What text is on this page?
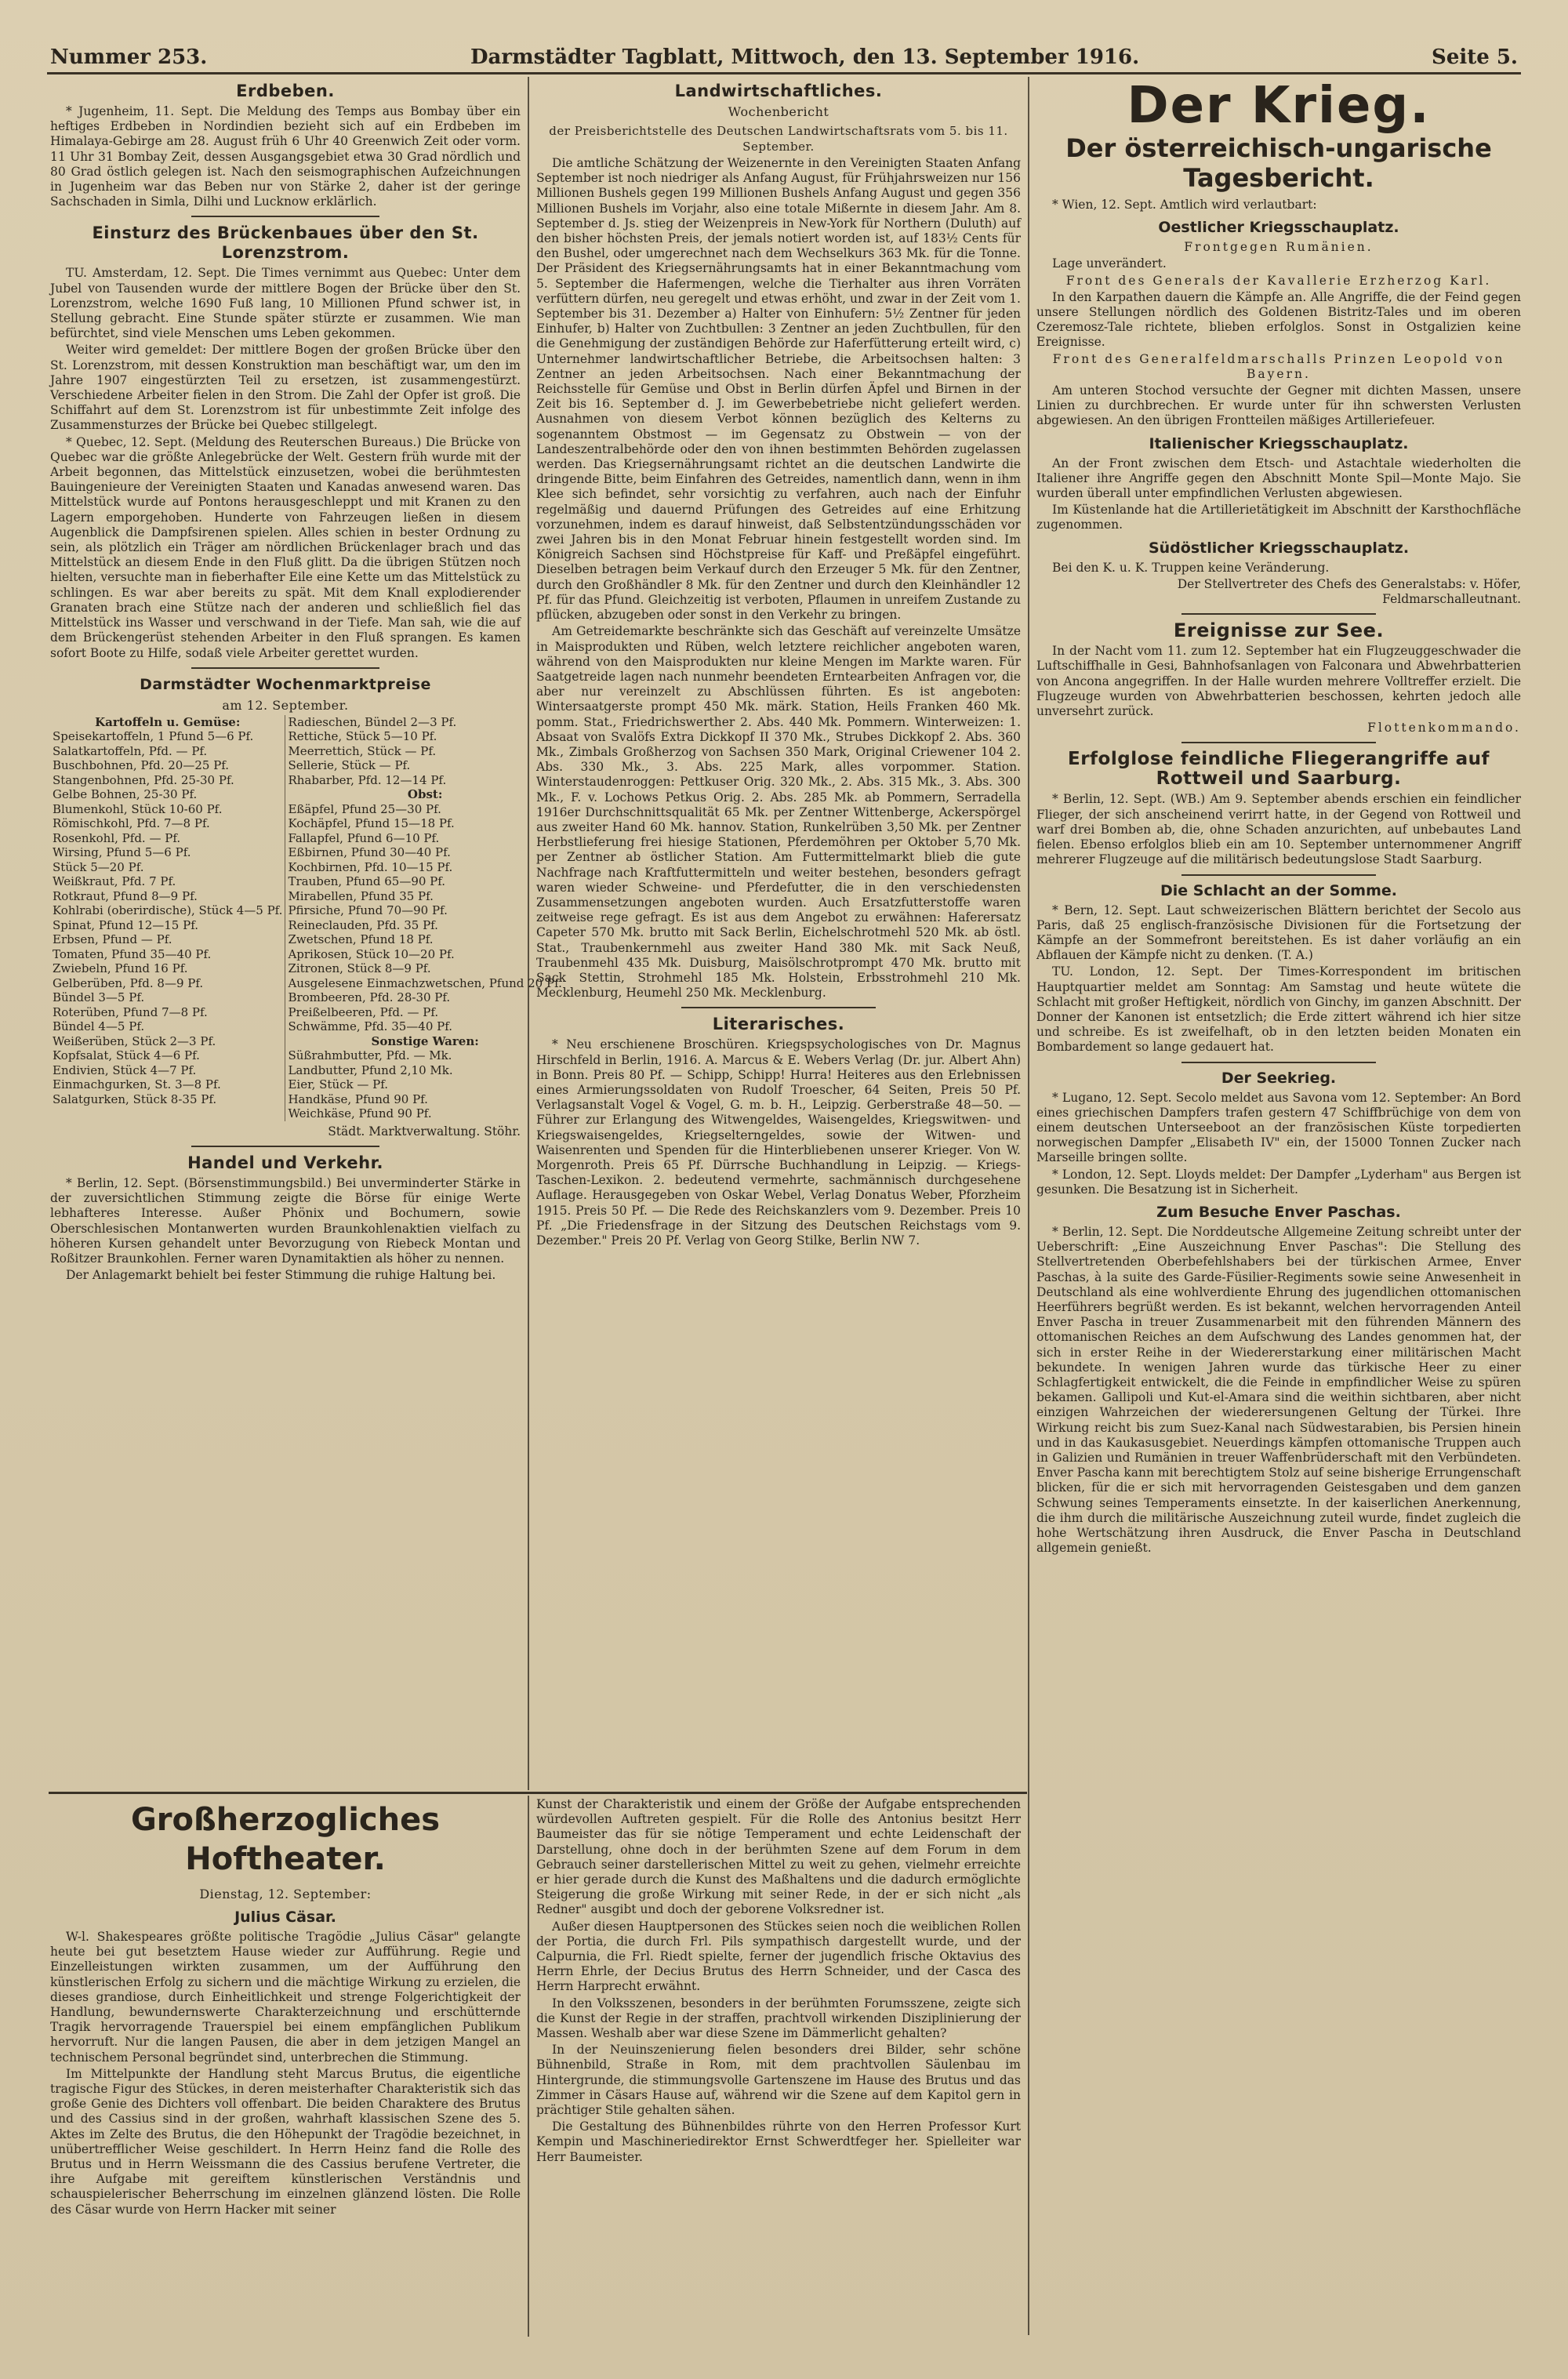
Nummer 253.	Darmstädter Tagblatt, Mittwoch, den 13. September 1916.	Seite 5.
Erdbeben.

* Jugenheim, 11. Sept. Die Meldung des Temps aus Bombay über ein heftiges Erdbeben in Nordindien bezieht sich auf ein Erdbeben im Himalaya-Gebirge am 28. August früh 6 Uhr 40 Greenwich Zeit oder vorm. 11 Uhr 31 Bombay Zeit, dessen Ausgangsgebiet etwa 30 Grad nördlich und 80 Grad östlich gelegen ist. Nach den seismographischen Aufzeichnungen in Jugenheim war das Beben nur von Stärke 2, daher ist der geringe Sachschaden in Simla, Dilhi und Lucknow erklärlich.

Einsturz des Brückenbaues über den St. Lorenzstrom.

TU. Amsterdam, 12. Sept. Die Times vernimmt aus Quebec: Unter dem Jubel von Tausenden wurde der mittlere Bogen der Brücke über den St. Lorenzstrom, welche 1690 Fuß lang, 10 Millionen Pfund schwer ist, in Stellung gebracht. Eine Stunde später stürzte er zusammen. Wie man befürchtet, sind viele Menschen ums Leben gekommen.

Weiter wird gemeldet: Der mittlere Bogen der großen Brücke über den St. Lorenzstrom, mit dessen Konstruktion man beschäftigt war, um den im Jahre 1907 eingestürzten Teil zu ersetzen, ist zusammengestürzt. Verschiedene Arbeiter fielen in den Strom. Die Zahl der Opfer ist groß. Die Schiffahrt auf dem St. Lorenzstrom ist für unbestimmte Zeit infolge des Zusammensturzes der Brücke bei Quebec stillgelegt.

* Quebec, 12. Sept. (Meldung des Reuterschen Bureaus.) Die Brücke von Quebec war die größte Anlegebrücke der Welt. Gestern früh wurde mit der Arbeit begonnen, das Mittelstück einzusetzen, wobei die berühmtesten Bauingenieure der Vereinigten Staaten und Kanadas anwesend waren. Das Mittelstück wurde auf Pontons herausgeschleppt und mit Kranen zu den Lagern emporgehoben. Hunderte von Fahrzeugen ließen in diesem Augenblick die Dampfsirenen spielen. Alles schien in bester Ordnung zu sein, als plötzlich ein Träger am nördlichen Brückenlager brach und das Mittelstück an diesem Ende in den Fluß glitt. Da die übrigen Stützen noch hielten, versuchte man in fieberhafter Eile eine Kette um das Mittelstück zu schlingen. Es war aber bereits zu spät. Mit dem Knall explodierender Granaten brach eine Stütze nach der anderen und schließlich fiel das Mittelstück ins Wasser und verschwand in der Tiefe. Man sah, wie die auf dem Brückengerüst stehenden Arbeiter in den Fluß sprangen. Es kamen sofort Boote zu Hilfe, sodaß viele Arbeiter gerettet wurden.

Darmstädter Wochenmarktpreise
am 12. September.
Kartoffeln u. Gemüse:
Speisekartoffeln, 1 Pfund 5—6 Pf.
Salatkartoffeln, Pfd. — Pf.
Buschbohnen, Pfd. 20—25 Pf.
Stangenbohnen, Pfd. 25-30 Pf.
Gelbe Bohnen, 25-30 Pf.
Blumenkohl, Stück 10-60 Pf.
Römischkohl, Pfd. 7—8 Pf.
Rosenkohl, Pfd. — Pf.
Wirsing, Pfund 5—6 Pf.
Stück 5—20 Pf.
Weißkraut, Pfd. 7 Pf.
Rotkraut, Pfund 8—9 Pf.
Kohlrabi (oberirdische), Stück 4—5 Pf.
Spinat, Pfund 12—15 Pf.
Erbsen, Pfund — Pf.
Tomaten, Pfund 35—40 Pf.
Zwiebeln, Pfund 16 Pf.
Gelberüben, Pfd. 8—9 Pf.
Bündel 3—5 Pf.
Roterüben, Pfund 7—8 Pf.
Bündel 4—5 Pf.
Weißerüben, Stück 2—3 Pf.
Kopfsalat, Stück 4—6 Pf.
Endivien, Stück 4—7 Pf.
Einmachgurken, St. 3—8 Pf.
Salatgurken, Stück 8-35 Pf.

Radieschen, Bündel 2—3 Pf.
Rettiche, Stück 5—10 Pf.
Meerrettich, Stück — Pf.
Sellerie, Stück — Pf.
Rhabarber, Pfd. 12—14 Pf.
Obst:
Eßäpfel, Pfund 25—30 Pf.
Kochäpfel, Pfund 15—18 Pf.
Fallapfel, Pfund 6—10 Pf.
Eßbirnen, Pfund 30—40 Pf.
Kochbirnen, Pfd. 10—15 Pf.
Trauben, Pfund 65—90 Pf.
Mirabellen, Pfund 35 Pf.
Pfirsiche, Pfund 70—90 Pf.
Reineclauden, Pfd. 35 Pf.
Zwetschen, Pfund 18 Pf.
Aprikosen, Stück 10—20 Pf.
Zitronen, Stück 8—9 Pf.
Ausgelesene Einmachzwetschen, Pfund 20 Pf.
Brombeeren, Pfd. 28-30 Pf.
Preißelbeeren, Pfd. — Pf.
Schwämme, Pfd. 35—40 Pf.
Sonstige Waren:
Süßrahmbutter, Pfd. — Mk.
Landbutter, Pfund 2,10 Mk.
Eier, Stück — Pf.
Handkäse, Pfund 90 Pf.
Weichkäse, Pfund 90 Pf.

Städt. Marktverwaltung. Stöhr.

Handel und Verkehr.

* Berlin, 12. Sept. (Börsenstimmungsbild.) Bei unverminderter Stärke in der zuversichtlichen Stimmung zeigte die Börse für einige Werte lebhafteres Interesse. Außer Phönix und Bochumern, sowie Oberschlesischen Montanwerten wurden Braunkohlenaktien vielfach zu höheren Kursen gehandelt unter Bevorzugung von Riebeck Montan und Roßitzer Braunkohlen. Ferner waren Dynamitaktien als höher zu nennen.

Der Anlagemarkt behielt bei fester Stimmung die ruhige Haltung bei.

Landwirtschaftliches.
Wochenbericht
der Preisberichtstelle des Deutschen Landwirtschaftsrats vom 5. bis 11. September.

Die amtliche Schätzung der Weizenernte in den Vereinigten Staaten Anfang September ist noch niedriger als Anfang August, für Frühjahrsweizen nur 156 Millionen Bushels gegen 199 Millionen Bushels Anfang August und gegen 356 Millionen Bushels im Vorjahr, also eine totale Mißernte in diesem Jahr. Am 8. September d. Js. stieg der Weizenpreis in New-York für Northern (Duluth) auf den bisher höchsten Preis, der jemals notiert worden ist, auf 183½ Cents für den Bushel, oder umgerechnet nach dem Wechselkurs 363 Mk. für die Tonne. Der Präsident des Kriegsernährungsamts hat in einer Bekanntmachung vom 5. September die Hafermengen, welche die Tierhalter aus ihren Vorräten verfüttern dürfen, neu geregelt und etwas erhöht, und zwar in der Zeit vom 1. September bis 31. Dezember a) Halter von Einhufern: 5½ Zentner für jeden Einhufer, b) Halter von Zuchtbullen: 3 Zentner an jeden Zuchtbullen, für den die Genehmigung der zuständigen Behörde zur Haferfütterung erteilt wird, c) Unternehmer landwirtschaftlicher Betriebe, die Arbeitsochsen halten: 3 Zentner an jeden Arbeitsochsen. Nach einer Bekanntmachung der Reichsstelle für Gemüse und Obst in Berlin dürfen Äpfel und Birnen in der Zeit bis 16. September d. J. im Gewerbebetriebe nicht geliefert werden. Ausnahmen von diesem Verbot können bezüglich des Kelterns zu sogenanntem Obstmost — im Gegensatz zu Obstwein — von der Landeszentralbehörde oder den von ihnen bestimmten Behörden zugelassen werden. Das Kriegsernährungsamt richtet an die deutschen Landwirte die dringende Bitte, beim Einfahren des Getreides, namentlich dann, wenn in ihm Klee sich befindet, sehr vorsichtig zu verfahren, auch nach der Einfuhr regelmäßig und dauernd Prüfungen des Getreides auf eine Erhitzung vorzunehmen, indem es darauf hinweist, daß Selbstentzündungsschäden vor zwei Jahren bis in den Monat Februar hinein festgestellt worden sind. Im Königreich Sachsen sind Höchstpreise für Kaff- und Preßäpfel eingeführt. Dieselben betragen beim Verkauf durch den Erzeuger 5 Mk. für den Zentner, durch den Großhändler 8 Mk. für den Zentner und durch den Kleinhändler 12 Pf. für das Pfund. Gleichzeitig ist verboten, Pflaumen in unreifem Zustande zu pflücken, abzugeben oder sonst in den Verkehr zu bringen.

Am Getreidemarkte beschränkte sich das Geschäft auf vereinzelte Umsätze in Maisprodukten und Rüben, welch letztere reichlicher angeboten waren, während von den Maisprodukten nur kleine Mengen im Markte waren. Für Saatgetreide lagen nach nunmehr beendeten Erntearbeiten Anfragen vor, die aber nur vereinzelt zu Abschlüssen führten. Es ist angeboten: Wintersaatgerste prompt 450 Mk. märk. Station, Heils Franken 460 Mk. pomm. Stat., Friedrichswerther 2. Abs. 440 Mk. Pommern. Winterweizen: 1. Absaat von Svalöfs Extra Dickkopf II 370 Mk., Strubes Dickkopf 2. Abs. 360 Mk., Zimbals Großherzog von Sachsen 350 Mark, Original Criewener 104 2. Abs. 330 Mk., 3. Abs. 225 Mark, alles vorpommer. Station. Winterstaudenroggen: Pettkuser Orig. 320 Mk., 2. Abs. 315 Mk., 3. Abs. 300 Mk., F. v. Lochows Petkus Orig. 2. Abs. 285 Mk. ab Pommern, Serradella 1916er Durchschnittsqualität 65 Mk. per Zentner Wittenberge, Ackerspörgel aus zweiter Hand 60 Mk. hannov. Station, Runkelrüben 3,50 Mk. per Zentner Herbstlieferung frei hiesige Stationen, Pferdemöhren per Oktober 5,70 Mk. per Zentner ab östlicher Station. Am Futtermittelmarkt blieb die gute Nachfrage nach Kraftfuttermitteln und weiter bestehen, besonders gefragt waren wieder Schweine- und Pferdefutter, die in den verschiedensten Zusammensetzungen angeboten wurden. Auch Ersatzfutterstoffe waren zeitweise rege gefragt. Es ist aus dem Angebot zu erwähnen: Haferersatz Capeter 570 Mk. brutto mit Sack Berlin, Eichelschrotmehl 520 Mk. ab östl. Stat., Traubenkernmehl aus zweiter Hand 380 Mk. mit Sack Neuß, Traubenmehl 435 Mk. Duisburg, Maisölschrotprompt 470 Mk. brutto mit Sack Stettin, Strohmehl 185 Mk. Holstein, Erbsstrohmehl 210 Mk. Mecklenburg, Heumehl 250 Mk. Mecklenburg.

Literarisches.

* Neu erschienene Broschüren. Kriegspsychologisches von Dr. Magnus Hirschfeld in Berlin, 1916. A. Marcus & E. Webers Verlag (Dr. jur. Albert Ahn) in Bonn. Preis 80 Pf. — Schipp, Schipp! Hurra! Heiteres aus den Erlebnissen eines Armierungssoldaten von Rudolf Troescher, 64 Seiten, Preis 50 Pf. Verlagsanstalt Vogel & Vogel, G. m. b. H., Leipzig. Gerberstraße 48—50. — Führer zur Erlangung des Witwengeldes, Waisengeldes, Kriegswitwen- und Kriegswaisengeldes, Kriegselterngeldes, sowie der Witwen- und Waisenrenten und Spenden für die Hinterbliebenen unserer Krieger. Von W. Morgenroth. Preis 65 Pf. Dürrsche Buchhandlung in Leipzig. — Kriegs-Taschen-Lexikon. 2. bedeutend vermehrte, sachmännisch durchgesehene Auflage. Herausgegeben von Oskar Webel, Verlag Donatus Weber, Pforzheim 1915. Preis 50 Pf. — Die Rede des Reichskanzlers vom 9. Dezember. Preis 10 Pf. „Die Friedensfrage in der Sitzung des Deutschen Reichstags vom 9. Dezember." Preis 20 Pf. Verlag von Georg Stilke, Berlin NW 7.

Der Krieg.
Der österreichisch-ungarische Tagesbericht.

* Wien, 12. Sept. Amtlich wird verlautbart:

Oestlicher Kriegsschauplatz.

Frontgegen Rumänien.

Lage unverändert.

Front des Generals der Kavallerie Erzherzog Karl.

In den Karpathen dauern die Kämpfe an. Alle Angriffe, die der Feind gegen unsere Stellungen nördlich des Goldenen Bistritz-Tales und im oberen Czeremosz-Tale richtete, blieben erfolglos. Sonst in Ostgalizien keine Ereignisse.

Front des Generalfeldmarschalls Prinzen Leopold von Bayern.

Am unteren Stochod versuchte der Gegner mit dichten Massen, unsere Linien zu durchbrechen. Er wurde unter für ihn schwersten Verlusten abgewiesen. An den übrigen Frontteilen mäßiges Artilleriefeuer.

Italienischer Kriegsschauplatz.

An der Front zwischen dem Etsch- und Astachtale wiederholten die Italiener ihre Angriffe gegen den Abschnitt Monte Spil—Monte Majo. Sie wurden überall unter empfindlichen Verlusten abgewiesen.

Im Küstenlande hat die Artillerietätigkeit im Abschnitt der Karsthochfläche zugenommen.

Südöstlicher Kriegsschauplatz.

Bei den K. u. K. Truppen keine Veränderung.

Der Stellvertreter des Chefs des Generalstabs: v. Höfer, Feldmarschalleutnant.

Ereignisse zur See.

In der Nacht vom 11. zum 12. September hat ein Flugzeuggeschwader die Luftschiffhalle in Gesi, Bahnhofsanlagen von Falconara und Abwehrbatterien von Ancona angegriffen. In der Halle wurden mehrere Volltreffer erzielt. Die Flugzeuge wurden von Abwehrbatterien beschossen, kehrten jedoch alle unversehrt zurück.

Flottenkommando.

Erfolglose feindliche Fliegerangriffe auf Rottweil und Saarburg.

* Berlin, 12. Sept. (WB.) Am 9. September abends erschien ein feindlicher Flieger, der sich anscheinend verirrt hatte, in der Gegend von Rottweil und warf drei Bomben ab, die, ohne Schaden anzurichten, auf unbebautes Land fielen. Ebenso erfolglos blieb ein am 10. September unternommener Angriff mehrerer Flugzeuge auf die militärisch bedeutungslose Stadt Saarburg.

Die Schlacht an der Somme.

* Bern, 12. Sept. Laut schweizerischen Blättern berichtet der Secolo aus Paris, daß 25 englisch-französische Divisionen für die Fortsetzung der Kämpfe an der Sommefront bereitstehen. Es ist daher vorläufig an ein Abflauen der Kämpfe nicht zu denken. (T. A.)

TU. London, 12. Sept. Der Times-Korrespondent im britischen Hauptquartier meldet am Sonntag: Am Samstag und heute wütete die Schlacht mit großer Heftigkeit, nördlich von Ginchy, im ganzen Abschnitt. Der Donner der Kanonen ist entsetzlich; die Erde zittert während ich hier sitze und schreibe. Es ist zweifelhaft, ob in den letzten beiden Monaten ein Bombardement so lange gedauert hat.

Der Seekrieg.

* Lugano, 12. Sept. Secolo meldet aus Savona vom 12. September: An Bord eines griechischen Dampfers trafen gestern 47 Schiffbrüchige von dem von einem deutschen Unterseeboot an der französischen Küste torpedierten norwegischen Dampfer „Elisabeth IV" ein, der 15000 Tonnen Zucker nach Marseille bringen sollte.

* London, 12. Sept. Lloyds meldet: Der Dampfer „Lyderham" aus Bergen ist gesunken. Die Besatzung ist in Sicherheit.

Zum Besuche Enver Paschas.

* Berlin, 12. Sept. Die Norddeutsche Allgemeine Zeitung schreibt unter der Ueberschrift: „Eine Auszeichnung Enver Paschas": Die Stellung des Stellvertretenden Oberbefehlshabers bei der türkischen Armee, Enver Paschas, à la suite des Garde-Füsilier-Regiments sowie seine Anwesenheit in Deutschland als eine wohlverdiente Ehrung des jugendlichen ottomanischen Heerführers begrüßt werden. Es ist bekannt, welchen hervorragenden Anteil Enver Pascha in treuer Zusammenarbeit mit den führenden Männern des ottomanischen Reiches an dem Aufschwung des Landes genommen hat, der sich in erster Reihe in der Wiedererstarkung einer militärischen Macht bekundete. In wenigen Jahren wurde das türkische Heer zu einer Schlagfertigkeit entwickelt, die die Feinde in empfindlicher Weise zu spüren bekamen. Gallipoli und Kut-el-Amara sind die weithin sichtbaren, aber nicht einzigen Wahrzeichen der wiederersungenen Geltung der Türkei. Ihre Wirkung reicht bis zum Suez-Kanal nach Südwestarabien, bis Persien hinein und in das Kaukasusgebiet. Neuerdings kämpfen ottomanische Truppen auch in Galizien und Rumänien in treuer Waffenbrüderschaft mit den Verbündeten. Enver Pascha kann mit berechtigtem Stolz auf seine bisherige Errungenschaft blicken, für die er sich mit hervorragenden Geistesgaben und dem ganzen Schwung seines Temperaments einsetzte. In der kaiserlichen Anerkennung, die ihm durch die militärische Auszeichnung zuteil wurde, findet zugleich die hohe Wertschätzung ihren Ausdruck, die Enver Pascha in Deutschland allgemein genießt.

Großherzogliches Hoftheater.
Dienstag, 12. September:
Julius Cäsar.

W-l. Shakespeares größte politische Tragödie „Julius Cäsar" gelangte heute bei gut besetztem Hause wieder zur Aufführung. Regie und Einzelleistungen wirkten zusammen, um der Aufführung den künstlerischen Erfolg zu sichern und die mächtige Wirkung zu erzielen, die dieses grandiose, durch Einheitlichkeit und strenge Folgerichtigkeit der Handlung, bewundernswerte Charakterzeichnung und erschütternde Tragik hervorragende Trauerspiel bei einem empfänglichen Publikum hervorruft. Nur die langen Pausen, die aber in dem jetzigen Mangel an technischem Personal begründet sind, unterbrechen die Stimmung.

Im Mittelpunkte der Handlung steht Marcus Brutus, die eigentliche tragische Figur des Stückes, in deren meisterhafter Charakteristik sich das große Genie des Dichters voll offenbart. Die beiden Charaktere des Brutus und des Cassius sind in der großen, wahrhaft klassischen Szene des 5. Aktes im Zelte des Brutus, die den Höhepunkt der Tragödie bezeichnet, in unübertrefflicher Weise geschildert. In Herrn Heinz fand die Rolle des Brutus und in Herrn Weissmann die des Cassius berufene Vertreter, die ihre Aufgabe mit gereiftem künstlerischen Verständnis und schauspielerischer Beherrschung im einzelnen glänzend lösten. Die Rolle des Cäsar wurde von Herrn Hacker mit seiner

Kunst der Charakteristik und einem der Größe der Aufgabe entsprechenden würdevollen Auftreten gespielt. Für die Rolle des Antonius besitzt Herr Baumeister das für sie nötige Temperament und echte Leidenschaft der Darstellung, ohne doch in der berühmten Szene auf dem Forum in dem Gebrauch seiner darstellerischen Mittel zu weit zu gehen, vielmehr erreichte er hier gerade durch die Kunst des Maßhaltens und die dadurch ermöglichte Steigerung die große Wirkung mit seiner Rede, in der er sich nicht „als Redner" ausgibt und doch der geborene Volksredner ist.

Außer diesen Hauptpersonen des Stückes seien noch die weiblichen Rollen der Portia, die durch Frl. Pils sympathisch dargestellt wurde, und der Calpurnia, die Frl. Riedt spielte, ferner der jugendlich frische Oktavius des Herrn Ehrle, der Decius Brutus des Herrn Schneider, und der Casca des Herrn Harprecht erwähnt.

In den Volksszenen, besonders in der berühmten Forumsszene, zeigte sich die Kunst der Regie in der straffen, prachtvoll wirkenden Disziplinierung der Massen. Weshalb aber war diese Szene im Dämmerlicht gehalten?

In der Neuinszenierung fielen besonders drei Bilder, sehr schöne Bühnenbild, Straße in Rom, mit dem prachtvollen Säulenbau im Hintergrunde, die stimmungsvolle Gartenszene im Hause des Brutus und das Zimmer in Cäsars Hause auf, während wir die Szene auf dem Kapitol gern in prächtiger Stile gehalten sähen.

Die Gestaltung des Bühnenbildes rührte von den Herren Professor Kurt Kempin und Maschineriedirektor Ernst Schwerdtfeger her. Spielleiter war Herr Baumeister.
